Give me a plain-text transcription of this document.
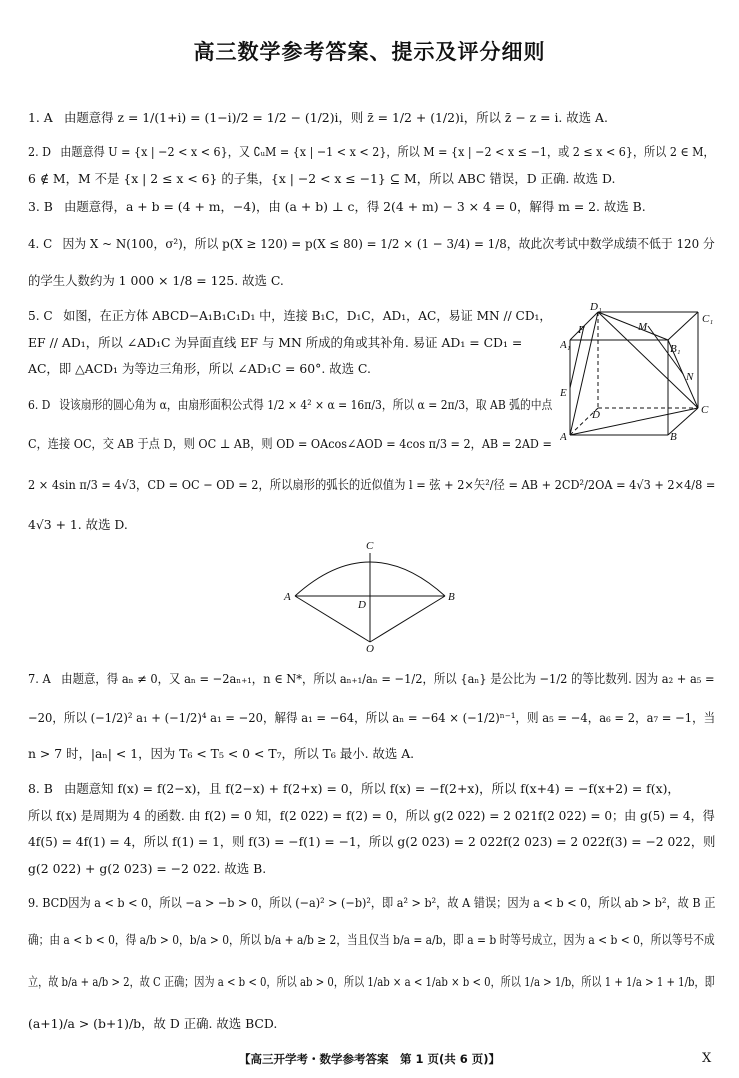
高三数学参考答案、提示及评分细则
1. A 由题意得 z = 1/(1+i) = (1−i)/2 = 1/2 − (1/2)i，则 z̄ = 1/2 + (1/2)i，所以 z̄ − z = i. 故选 A.
2. D 由题意得 U = {x | −2 < x < 6}，又 ∁ᵤM = {x | −1 < x < 2}，所以 M = {x | −2 < x ≤ −1，或 2 ≤ x < 6}，所以 2 ∈ M，
6 ∉ M，M 不是 {x | 2 ≤ x < 6} 的子集，{x | −2 < x ≤ −1} ⊆ M，所以 ABC 错误，D 正确. 故选 D.
3. B 由题意得，a + b = (4 + m，−4)，由 (a + b) ⊥ c，得 2(4 + m) − 3 × 4 = 0，解得 m = 2. 故选 B.
4. C 因为 X ~ N(100，σ²)，所以 p(X ≥ 120) = p(X ≤ 80) = 1/2 × (1 − 3/4) = 1/8，故此次考试中数学成绩不低于 120 分
的学生人数约为 1 000 × 1/8 = 125. 故选 C.
5. C 如图，在正方体 ABCD−A₁B₁C₁D₁ 中，连接 B₁C，D₁C，AD₁，AC，易证 MN // CD₁，
EF // AD₁，所以 ∠AD₁C 为异面直线 EF 与 MN 所成的角或其补角. 易证 AD₁ = CD₁ =
AC，即 △ACD₁ 为等边三角形，所以 ∠AD₁C = 60°. 故选 C.
D₁
C₁
F	M
A₁	B₁
N
E
D	C
A	B
6. D 设该扇形的圆心角为 α，由扇形面积公式得 1/2 × 4² × α = 16π/3，所以 α = 2π/3，取 AB 弧的中点
C，连接 OC，交 AB 于点 D，则 OC ⊥ AB，则 OD = OAcos∠AOD = 4cos π/3 = 2，AB = 2AD =
2 × 4sin π/3 = 4√3，CD = OC − OD = 2，所以扇形的弧长的近似值为 l = 弦 + 2×矢²/径 = AB + 2CD²/2OA = 4√3 + 2×4/8 =
4√3 + 1. 故选 D.
C
A
D
B
O
7. A 由题意，得 aₙ ≠ 0，又 aₙ = −2aₙ₊₁，n ∈ N*，所以 aₙ₊₁/aₙ = −1/2，所以 {aₙ} 是公比为 −1/2 的等比数列. 因为 a₂ + a₅ =
−20，所以 (−1/2)² a₁ + (−1/2)⁴ a₁ = −20，解得 a₁ = −64，所以 aₙ = −64 × (−1/2)ⁿ⁻¹，则 a₅ = −4，a₆ = 2，a₇ = −1，当
n > 7 时，|aₙ| < 1，因为 T₆ < T₅ < 0 < T₇，所以 T₆ 最小. 故选 A.
8. B 由题意知 f(x) = f(2−x)，且 f(2−x) + f(2+x) = 0，所以 f(x) = −f(2+x)，所以 f(x+4) = −f(x+2) = f(x)，
所以 f(x) 是周期为 4 的函数. 由 f(2) = 0 知，f(2 022) = f(2) = 0，所以 g(2 022) = 2 021f(2 022) = 0；由 g(5) = 4，得
4f(5) = 4f(1) = 4，所以 f(1) = 1，则 f(3) = −f(1) = −1，所以 g(2 023) = 2 022f(2 023) = 2 022f(3) = −2 022，则
g(2 022) + g(2 023) = −2 022. 故选 B.
9. BCD因为 a < b < 0，所以 −a > −b > 0，所以 (−a)² > (−b)²，即 a² > b²，故 A 错误；因为 a < b < 0，所以 ab > b²，故 B 正
确；由 a < b < 0，得 a/b > 0，b/a > 0，所以 b/a + a/b ≥ 2，当且仅当 b/a = a/b，即 a = b 时等号成立，因为 a < b < 0，所以等号不成
立，故 b/a + a/b > 2，故 C 正确；因为 a < b < 0，所以 ab > 0，所以 1/ab × a < 1/ab × b < 0，所以 1/a > 1/b，所以 1 + 1/a > 1 + 1/b，即
(a+1)/a > (b+1)/b，故 D 正确. 故选 BCD.
【高三开学考・数学参考答案　第 1 页(共 6 页)】	X
